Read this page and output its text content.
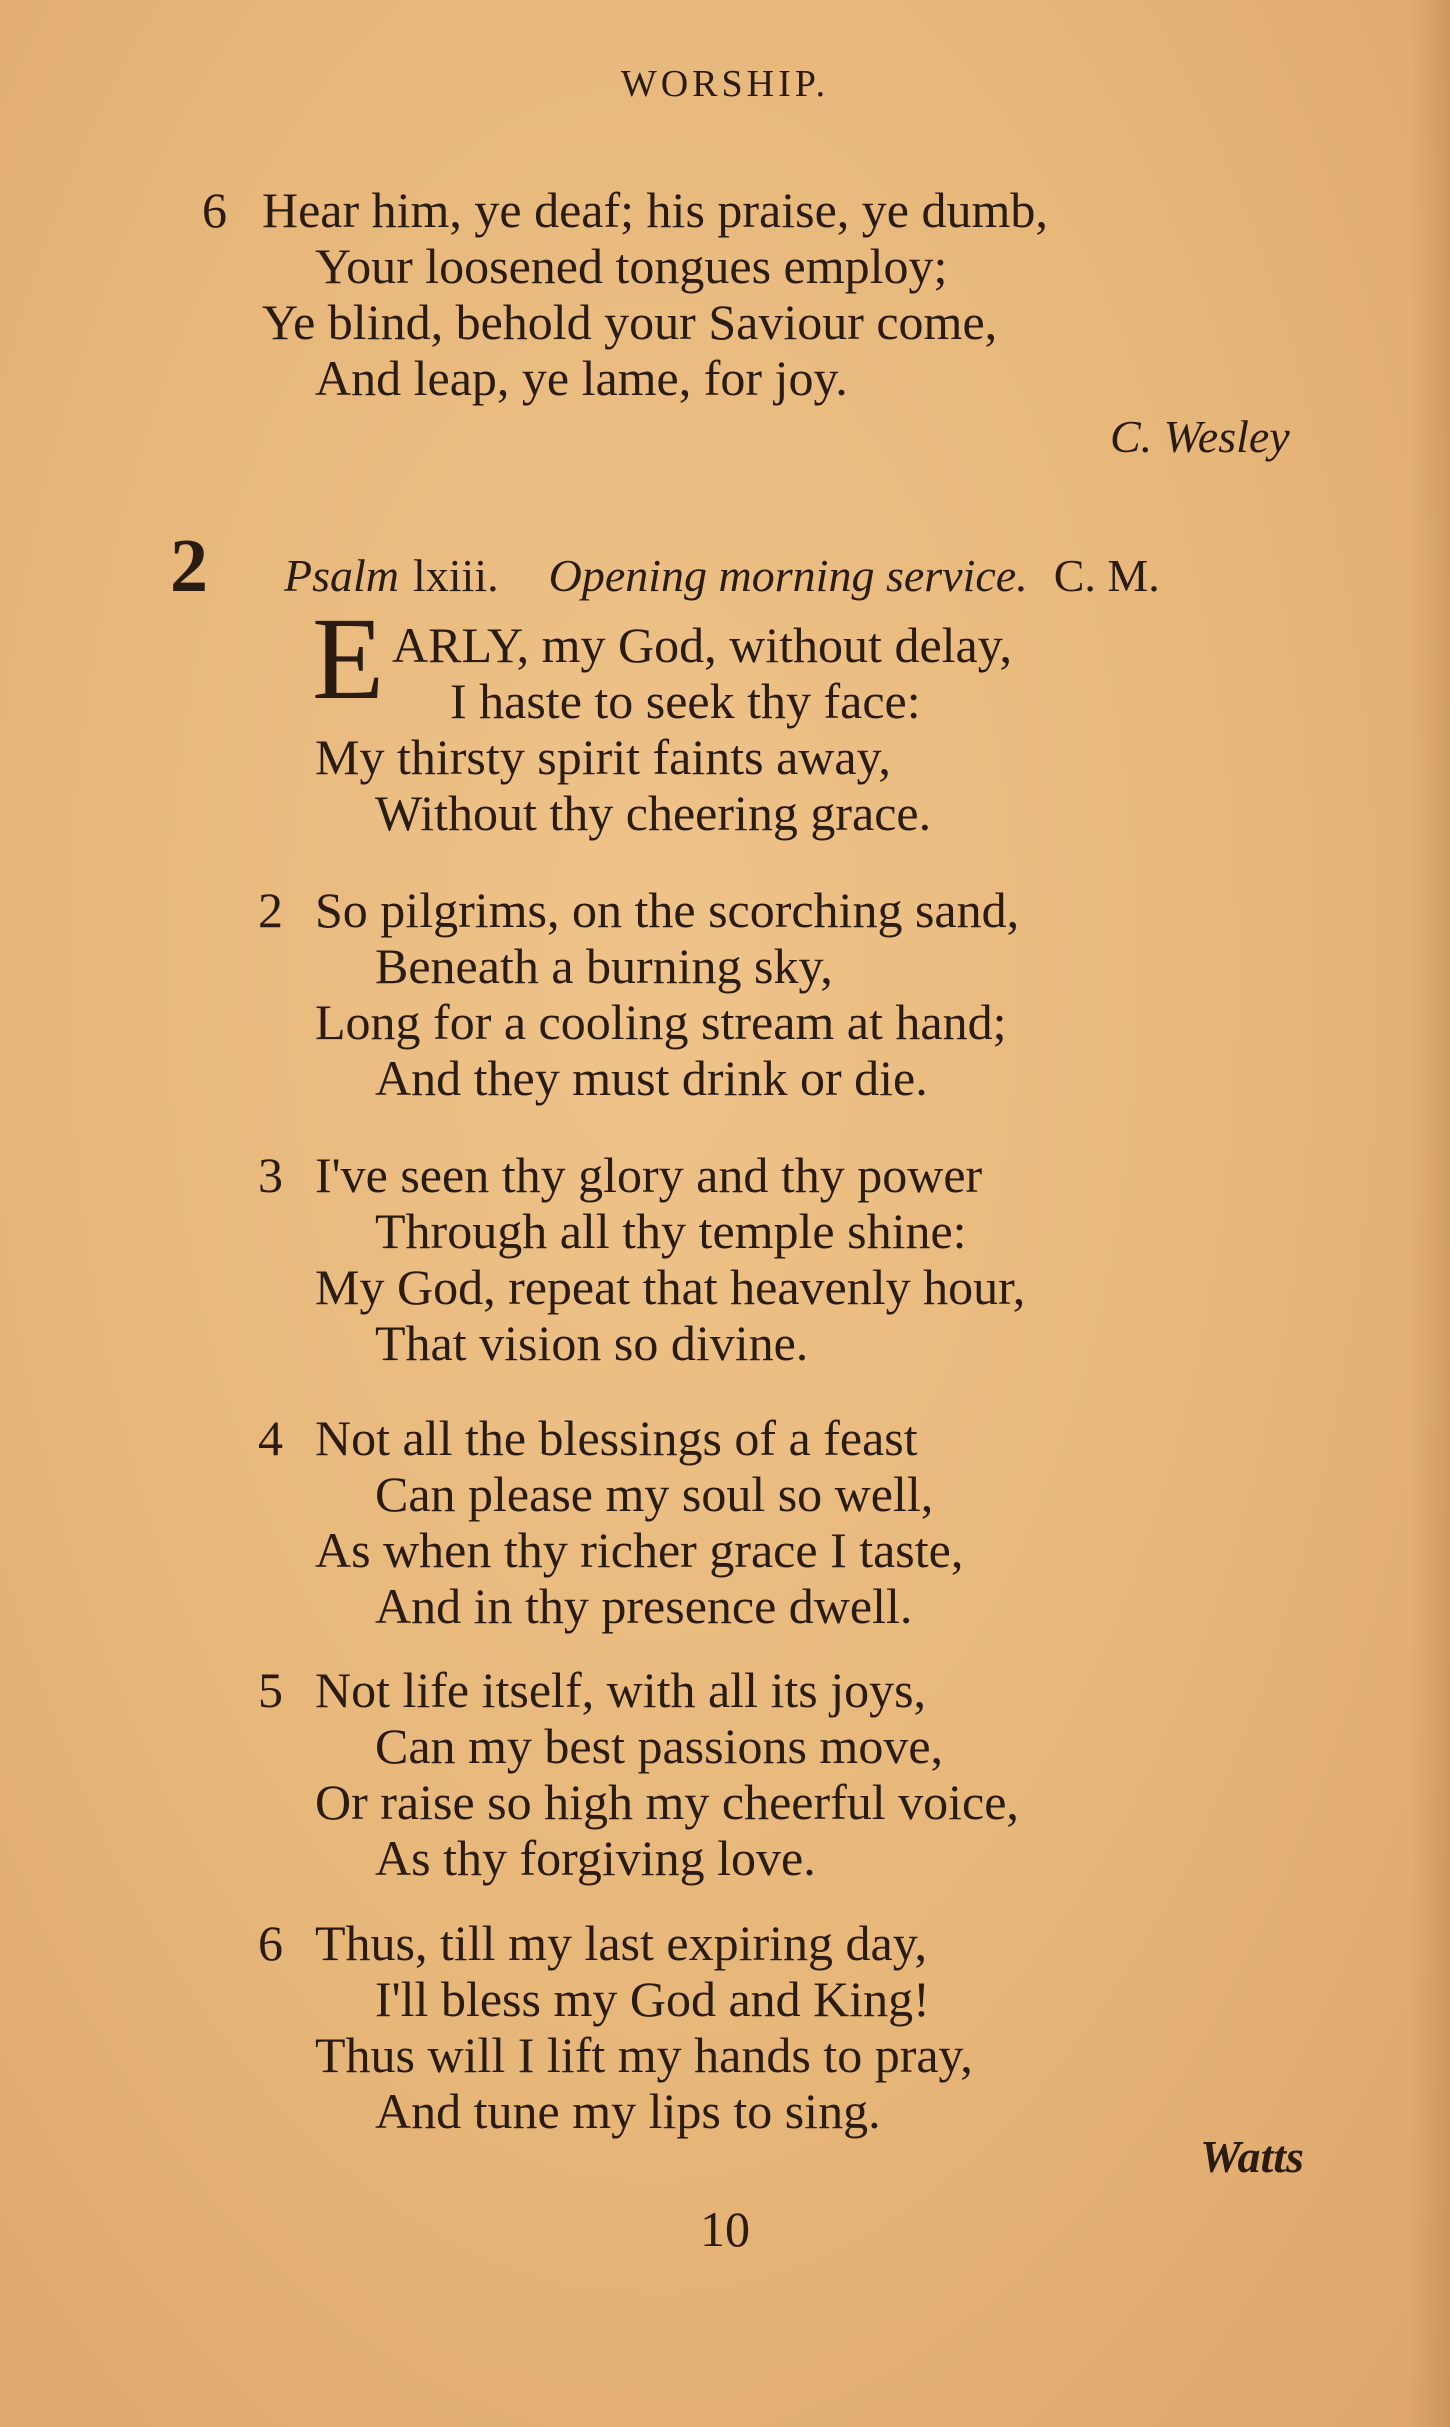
WORSHIP.
6 Hear him, ye deaf; his praise, ye dumb,
Your loosened tongues employ;
Ye blind, behold your Saviour come,
And leap, ye lame, for joy.
C. Wesley
2 Psalm lxiii. Opening morning service. C. M.
E ARLY, my God, without delay,
I haste to seek thy face:
My thirsty spirit faints away,
Without thy cheering grace.
2 So pilgrims, on the scorching sand,
Beneath a burning sky,
Long for a cooling stream at hand;
And they must drink or die.
3 I've seen thy glory and thy power
Through all thy temple shine:
My God, repeat that heavenly hour,
That vision so divine.
4 Not all the blessings of a feast
Can please my soul so well,
As when thy richer grace I taste,
And in thy presence dwell.
5 Not life itself, with all its joys,
Can my best passions move,
Or raise so high my cheerful voice,
As thy forgiving love.
6 Thus, till my last expiring day,
I'll bless my God and King!
Thus will I lift my hands to pray,
And tune my lips to sing.
Watts
10
